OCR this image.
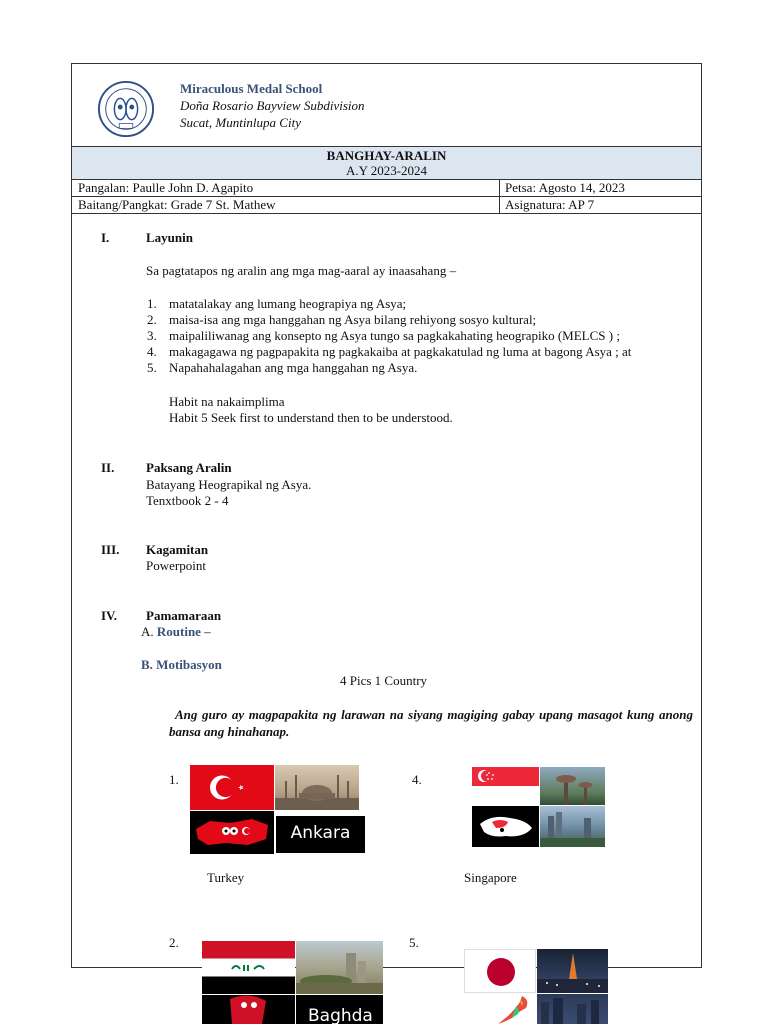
Miraculous Medal School
Doña Rosario Bayview Subdivision
Sucat, Muntinlupa City
BANGHAY-ARALIN
A.Y 2023-2024
Pangalan: Paulle John D. Agapito	Petsa: Agosto 14, 2023
Baitang/Pangkat: Grade 7 St. Mathew	Asignatura: AP 7
I.	Layunin
Sa pagtatapos ng aralin ang mga mag-aaral ay inaasahang –
1. matatalakay ang lumang heograpiya ng Asya;
2. maisa-isa ang mga hanggahan ng Asya bilang rehiyong sosyo kultural;
3. maipaliliwanag ang konsepto ng Asya tungo sa pagkakahating heograpiko (MELCS ) ;
4. makagagawa ng pagpapakita ng pagkakaiba at pagkakatulad ng luma at bagong Asya ; at
5. Napahahalagahan ang mga hanggahan ng Asya.
Habit na nakaimplima
Habit 5 Seek first to understand then to be understood.
II. Paksang Aralin
Batayang Heograpikal ng Asya.
Tenxtbook 2 - 4
III. Kagamitan
Powerpoint
IV. Pamamaraan
A. Routine –
B. Motibasyon
4 Pics 1 Country
Ang guro ay magpapakita ng larawan na siyang magiging gabay upang masagot kung anong bansa ang hinahanap.
1.
Ankara
Turkey
4.
Singapore
2.
Baghda
5.
